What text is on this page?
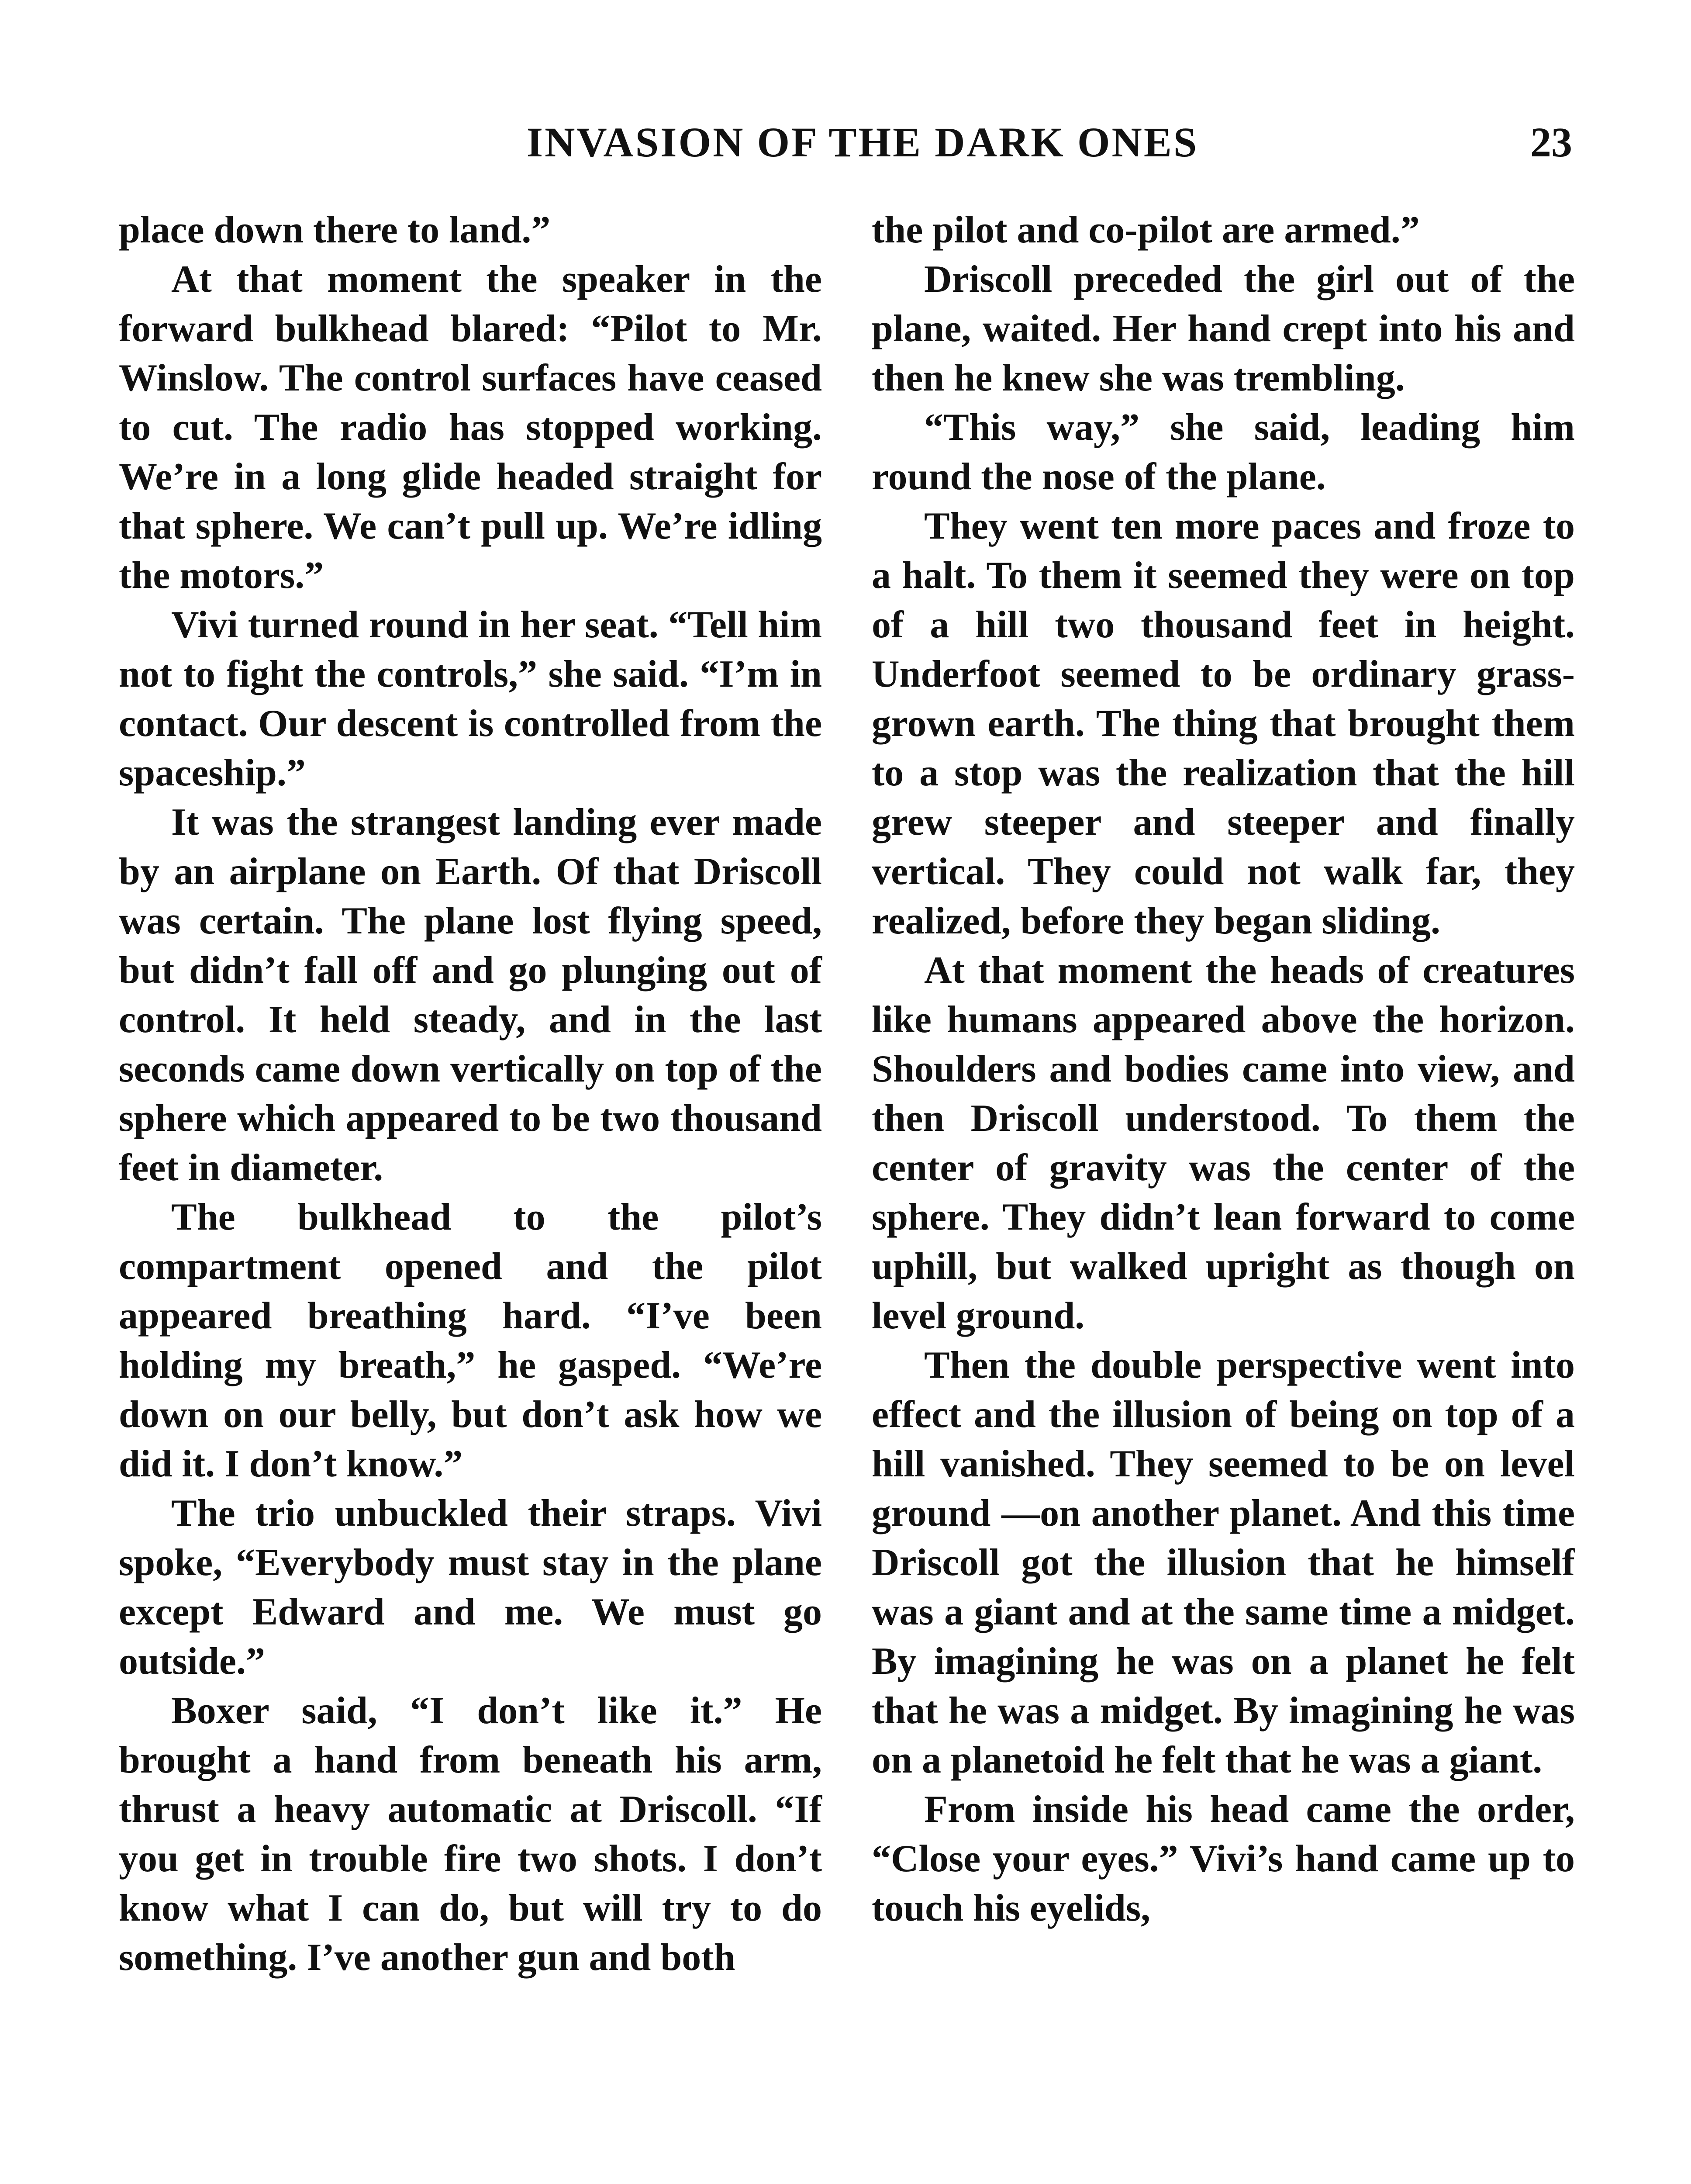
INVASION OF THE DARK ONES	23

place down there to land.”

At that moment the speaker in the forward bulkhead blared: “Pilot to Mr. Winslow. The control surfaces have ceased to cut. The radio has stopped working. We’re in a long glide headed straight for that sphere. We can’t pull up. We’re idling the motors.”

Vivi turned round in her seat. “Tell him not to fight the controls,” she said. “I’m in contact. Our descent is controlled from the spaceship.”

It was the strangest landing ever made by an airplane on Earth. Of that Driscoll was certain. The plane lost flying speed, but didn’t fall off and go plunging out of control. It held steady, and in the last seconds came down vertically on top of the sphere which appeared to be two thousand feet in diameter.

The bulkhead to the pilot’s compartment opened and the pilot appeared breathing hard. “I’ve been holding my breath,” he gasped. “We’re down on our belly, but don’t ask how we did it. I don’t know.”

The trio unbuckled their straps. Vivi spoke, “Everybody must stay in the plane except Edward and me. We must go outside.”

Boxer said, “I don’t like it.” He brought a hand from beneath his arm, thrust a heavy automatic at Driscoll. “If you get in trouble fire two shots. I don’t know what I can do, but will try to do something. I’ve another gun and both

the pilot and co-pilot are armed.”

Driscoll preceded the girl out of the plane, waited. Her hand crept into his and then he knew she was trembling.

“This way,” she said, leading him round the nose of the plane.

They went ten more paces and froze to a halt. To them it seemed they were on top of a hill two thousand feet in height. Underfoot seemed to be ordinary grass-grown earth. The thing that brought them to a stop was the realization that the hill grew steeper and steeper and finally vertical. They could not walk far, they realized, before they began sliding.

At that moment the heads of creatures like humans appeared above the horizon. Shoulders and bodies came into view, and then Driscoll understood. To them the center of gravity was the center of the sphere. They didn’t lean forward to come uphill, but walked upright as though on level ground.

Then the double perspective went into effect and the illusion of being on top of a hill vanished. They seemed to be on level ground —on another planet. And this time Driscoll got the illusion that he himself was a giant and at the same time a midget. By imagining he was on a planet he felt that he was a midget. By imagining he was on a planetoid he felt that he was a giant.

From inside his head came the order, “Close your eyes.” Vivi’s hand came up to touch his eyelids,
